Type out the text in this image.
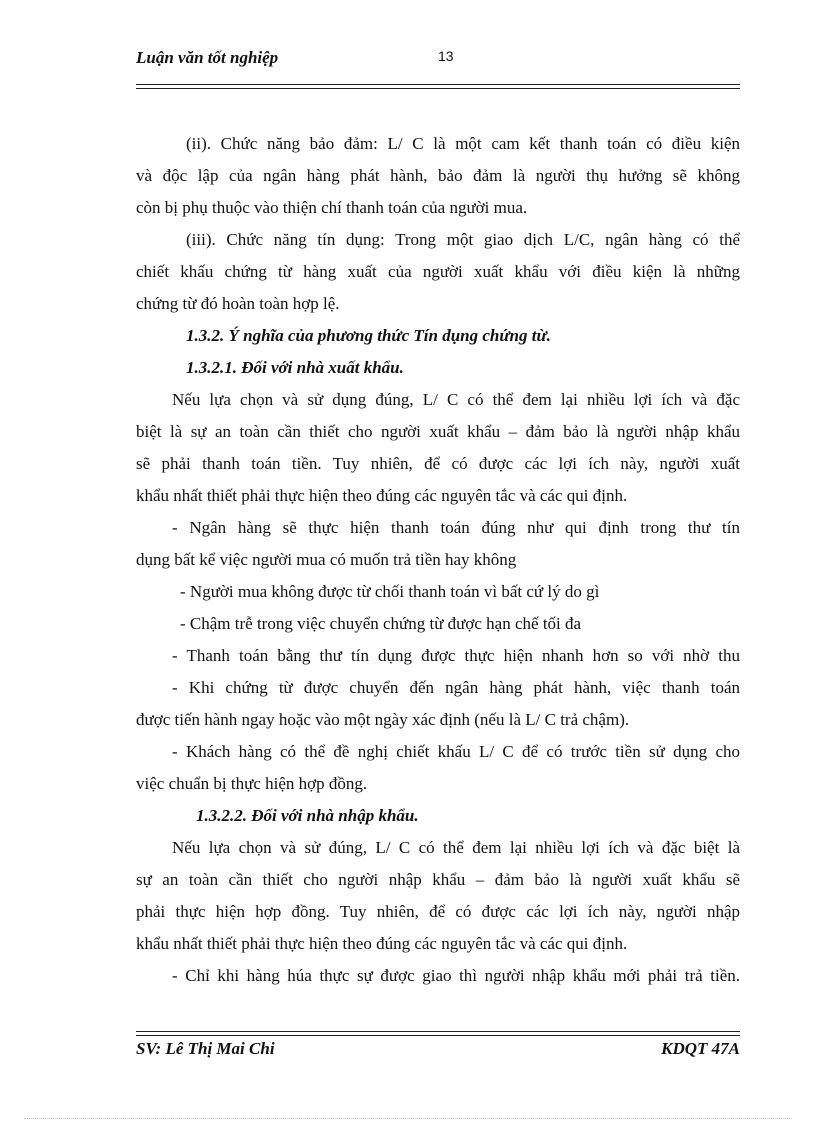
Luận văn tốt nghiệp	13
(ii). Chức năng bảo đảm: L/ C là một cam kết thanh toán có điều kiện
và độc lập của ngân hàng phát hành, bảo đảm là người thụ hưởng sẽ không
còn bị phụ thuộc vào thiện chí thanh toán của người mua.
(iii). Chức năng tín dụng: Trong một giao dịch L/C, ngân hàng có thể
chiết khấu chứng từ hàng xuất của người xuất khẩu với điều kiện là những
chứng từ đó hoàn toàn hợp lệ.
1.3.2. Ý nghĩa của phương thức Tín dụng chứng từ.
1.3.2.1. Đối với nhà xuất khẩu.
Nếu lựa chọn và sử dụng đúng, L/ C có thể đem lại nhiều lợi ích và đặc
biệt là sự an toàn cần thiết cho người xuất khẩu – đảm bảo là người nhập khẩu
sẽ phải thanh toán tiền. Tuy nhiên, để có được các lợi ích này, người xuất
khẩu nhất thiết phải thực hiện theo đúng các nguyên tắc và các qui định.
- Ngân hàng sẽ thực hiện thanh toán đúng như qui định trong thư tín
dụng bất kể việc người mua có muốn trả tiền hay không
- Người mua không được từ chối thanh toán vì bất cứ lý do gì
- Chậm trễ trong việc chuyển chứng từ được hạn chế tối đa
- Thanh toán bằng thư tín dụng được thực hiện nhanh hơn so với nhờ thu
- Khi chứng từ được chuyển đến ngân hàng phát hành, việc thanh toán
được tiến hành ngay hoặc vào một ngày xác định (nếu là L/ C trả chậm).
- Khách hàng có thể đề nghị chiết khấu L/ C để có trước tiền sử dụng cho
việc chuẩn bị thực hiện hợp đồng.
1.3.2.2. Đối với nhà nhập khẩu.
Nếu lựa chọn và sử đúng, L/ C có thể đem lại nhiều lợi ích và đặc biệt là
sự an toàn cần thiết cho người nhập khẩu – đảm bảo là người xuất khẩu sẽ
phải thực hiện hợp đồng. Tuy nhiên, để có được các lợi ích này, người nhập
khẩu nhất thiết phải thực hiện theo đúng các nguyên tắc và các qui định.
- Chỉ khi hàng húa thực sự được giao thì người nhập khẩu mới phải trả tiền.
SV: Lê Thị Mai Chi	KDQT 47A
